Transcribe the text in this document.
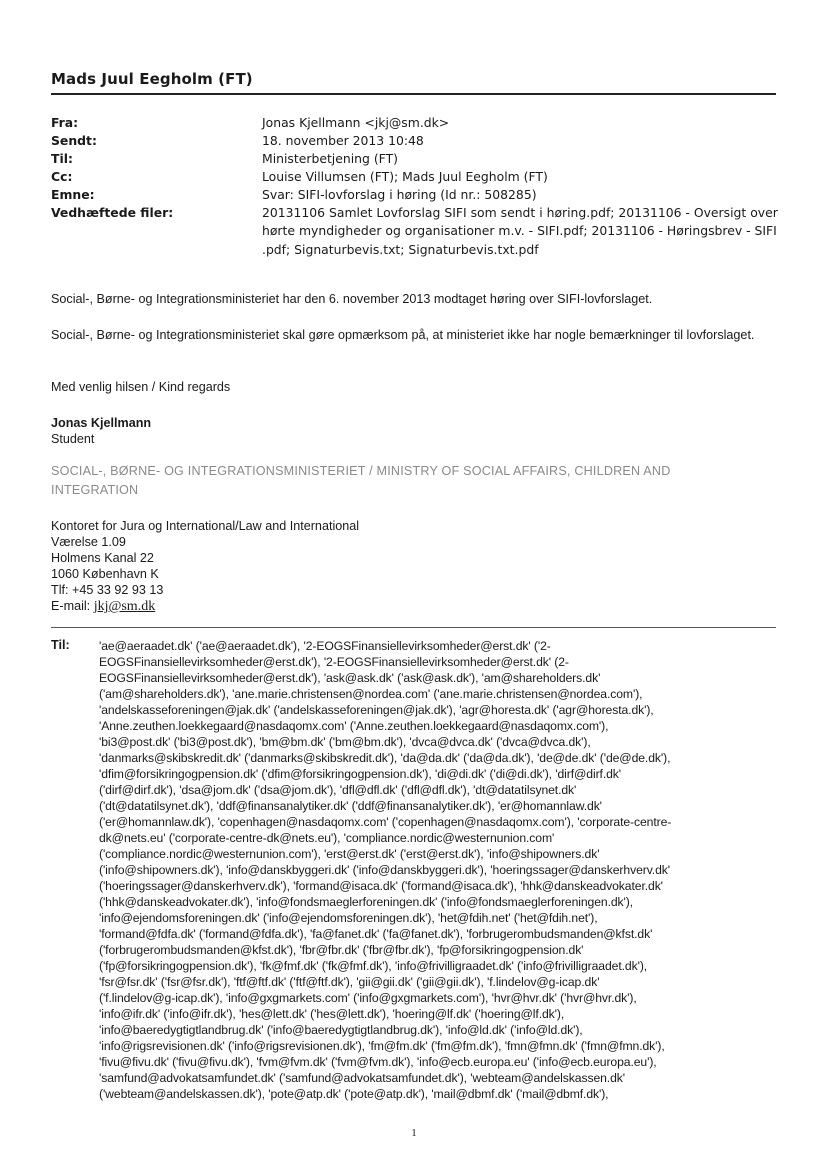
Mads Juul Eegholm (FT)
Fra:	Jonas Kjellmann <jkj@sm.dk>
Sendt:	18. november 2013 10:48
Til:	Ministerbetjening (FT)
Cc:	Louise Villumsen (FT); Mads Juul Eegholm (FT)
Emne:	Svar: SIFI-lovforslag i høring (Id nr.: 508285)
Vedhæftede filer:	20131106 Samlet Lovforslag SIFI som sendt i høring.pdf; 20131106 - Oversigt over
hørte myndigheder og organisationer m.v. - SIFI.pdf; 20131106 - Høringsbrev - SIFI
.pdf; Signaturbevis.txt; Signaturbevis.txt.pdf
Social-, Børne- og Integrationsministeriet har den 6. november 2013 modtaget høring over SIFI-lovforslaget.
Social-, Børne- og Integrationsministeriet skal gøre opmærksom på, at ministeriet ikke har nogle bemærkninger til lovforslaget.
Med venlig hilsen / Kind regards
Jonas Kjellmann
Student
SOCIAL-, BØRNE- OG INTEGRATIONSMINISTERIET / MINISTRY OF SOCIAL AFFAIRS, CHILDREN AND
INTEGRATION
Kontoret for Jura og International/Law and International
Værelse 1.09
Holmens Kanal 22
1060 København K
Tlf: +45 33 92 93 13
E-mail: jkj@sm.dk
Til: 'ae@aeraadet.dk' ('ae@aeraadet.dk'), '2-EOGSFinansiellevirksomheder@erst.dk' ('2-
EOGSFinansiellevirksomheder@erst.dk'), '2-EOGSFinansiellevirksomheder@erst.dk' (2-
EOGSFinansiellevirksomheder@erst.dk'), 'ask@ask.dk' ('ask@ask.dk'), 'am@shareholders.dk'
('am@shareholders.dk'), 'ane.marie.christensen@nordea.com' ('ane.marie.christensen@nordea.com'),
'andelskasseforeningen@jak.dk' ('andelskasseforeningen@jak.dk'), 'agr@horesta.dk' ('agr@horesta.dk'),
'Anne.zeuthen.loekkegaard@nasdaqomx.com' ('Anne.zeuthen.loekkegaard@nasdaqomx.com'),
'bi3@post.dk' ('bi3@post.dk'), 'bm@bm.dk' ('bm@bm.dk'), 'dvca@dvca.dk' ('dvca@dvca.dk'),
'danmarks@skibskredit.dk' ('danmarks@skibskredit.dk'), 'da@da.dk' ('da@da.dk'), 'de@de.dk' ('de@de.dk'),
'dfim@forsikringogpension.dk' ('dfim@forsikringogpension.dk'), 'di@di.dk' ('di@di.dk'), 'dirf@dirf.dk'
('dirf@dirf.dk'), 'dsa@jom.dk' ('dsa@jom.dk'), 'dfl@dfl.dk' ('dfl@dfl.dk'), 'dt@datatilsynet.dk'
('dt@datatilsynet.dk'), 'ddf@finansanalytiker.dk' ('ddf@finansanalytiker.dk'), 'er@homannlaw.dk'
('er@homannlaw.dk'), 'copenhagen@nasdaqomx.com' ('copenhagen@nasdaqomx.com'), 'corporate-centre-
dk@nets.eu' ('corporate-centre-dk@nets.eu'), 'compliance.nordic@westernunion.com'
('compliance.nordic@westernunion.com'), 'erst@erst.dk' ('erst@erst.dk'), 'info@shipowners.dk'
('info@shipowners.dk'), 'info@danskbyggeri.dk' ('info@danskbyggeri.dk'), 'hoeringssager@danskerhverv.dk'
('hoeringssager@danskerhverv.dk'), 'formand@isaca.dk' ('formand@isaca.dk'), 'hhk@danskeadvokater.dk'
('hhk@danskeadvokater.dk'), 'info@fondsmaeglerforeningen.dk' ('info@fondsmaeglerforeningen.dk'),
'info@ejendomsforeningen.dk' ('info@ejendomsforeningen.dk'), 'het@fdih.net' ('het@fdih.net'),
'formand@fdfa.dk' ('formand@fdfa.dk'), 'fa@fanet.dk' ('fa@fanet.dk'), 'forbrugerombudsmanden@kfst.dk'
('forbrugerombudsmanden@kfst.dk'), 'fbr@fbr.dk' ('fbr@fbr.dk'), 'fp@forsikringogpension.dk'
('fp@forsikringogpension.dk'), 'fk@fmf.dk' ('fk@fmf.dk'), 'info@frivilligraadet.dk' ('info@frivilligraadet.dk'),
'fsr@fsr.dk' ('fsr@fsr.dk'), 'ftf@ftf.dk' ('ftf@ftf.dk'), 'gii@gii.dk' ('gii@gii.dk'), 'f.lindelov@g-icap.dk'
('f.lindelov@g-icap.dk'), 'info@gxgmarkets.com' ('info@gxgmarkets.com'), 'hvr@hvr.dk' ('hvr@hvr.dk'),
'info@ifr.dk' ('info@ifr.dk'), 'hes@lett.dk' ('hes@lett.dk'), 'hoering@lf.dk' ('hoering@lf.dk'),
'info@baeredygtigtlandbrug.dk' ('info@baeredygtigtlandbrug.dk'), 'info@ld.dk' ('info@ld.dk'),
'info@rigsrevisionen.dk' ('info@rigsrevisionen.dk'), 'fm@fm.dk' ('fm@fm.dk'), 'fmn@fmn.dk' ('fmn@fmn.dk'),
'fivu@fivu.dk' ('fivu@fivu.dk'), 'fvm@fvm.dk' ('fvm@fvm.dk'), 'info@ecb.europa.eu' ('info@ecb.europa.eu'),
'samfund@advokatsamfundet.dk' ('samfund@advokatsamfundet.dk'), 'webteam@andelskassen.dk'
('webteam@andelskassen.dk'), 'pote@atp.dk' ('pote@atp.dk'), 'mail@dbmf.dk' ('mail@dbmf.dk'),
1
